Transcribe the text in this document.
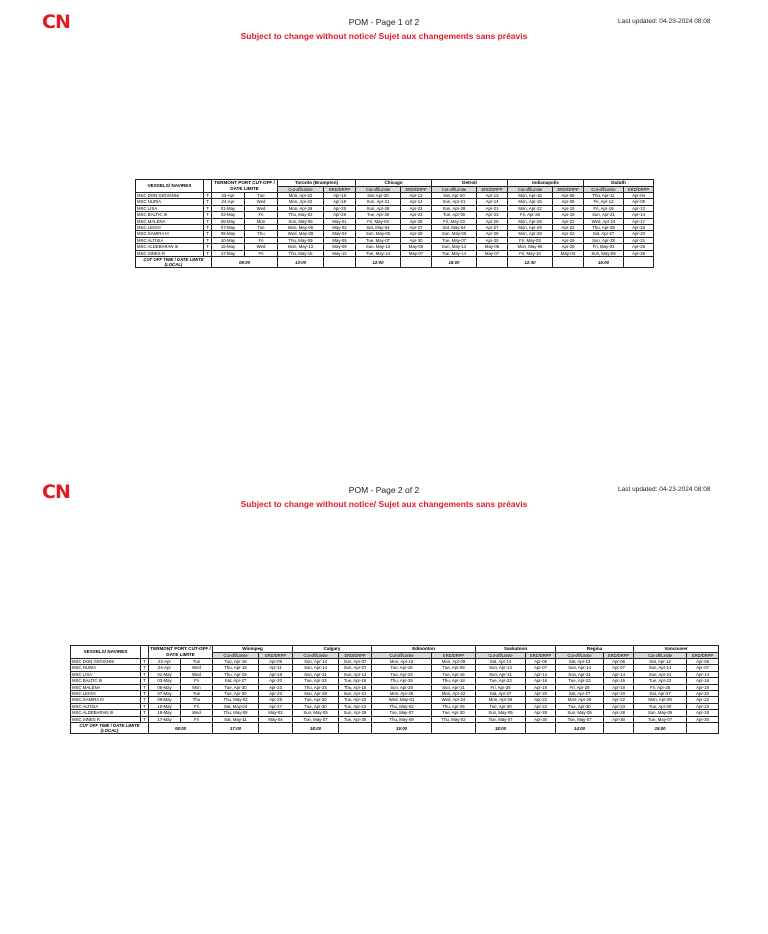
CN	POM - Page 1 of 2
Subject to change without notice/ Sujet aux changements sans préavis
Last updated: 04-23-2024 08:08
VESSELS/ NAVIRES		TERMONT PORT CUT-OFF / DATE LIMITE		Toronto (Brampton)		Chicago		Detroit		Indianapolis		Duluth	
				Cut-off/Limite	ERD/DRPP	Cut-off/Limite	ERD/DRPP	Cut-off/Limite	ERD/DRPP	Cut-off/Limite	ERD/DRPP	Cut-off/Limite	ERD/DRPP
MSC DON GIOVANNI	T	23-Apr	Tue	Mon, Apr-22	Apr-18	Sat, Apr-20	Apr-13	Sat, Apr-20	Apr-13	Mon, Apr-15	Apr-08	Thu, Apr-11	Apr-04
MSC NURIA	T	24-Apr	Wed	Mon, Apr-22	Apr-18	Sun, Apr-21	Apr-14	Sun, Apr-21	Apr-14	Mon, Apr-15	Apr-08	Fri, Apr-12	Apr-05
MSC LISA	T	01-May	Wed	Mon, Apr-29	Apr-25	Sun, Apr-28	Apr-21	Sun, Apr-28	Apr-21	Mon, Apr-22	Apr-15	Fri, Apr-19	Apr-12
MSC BALTIC III	T	03-May	Fri	Thu, May-02	Apr-28	Tue, Apr-30	Apr-23	Tue, Apr-30	Apr-23	Fri, Apr-26	Apr-19	Sun, Apr-21	Apr-14
MSC MALENA	T	06-May	Mon	Sun, May-05	May-01	Fri, May-03	Apr-26	Fri, May-03	Apr-26	Mon, Apr-29	Apr-22	Wed, Apr-24	Apr-17
MSC LEIGH	T	07-May	Tue	Mon, May-06	May-02	Sat, May-04	Apr-27	Sat, May-04	Apr-27	Mon, Apr-29	Apr-22	Thu, Apr-25	Apr-18
MSC SAMIRA III	T	09-May	Thu	Wed, May-08	May-04	Sun, May-05	Apr-28	Sun, May-05	Apr-28	Mon, Apr-29	Apr-22	Sat, Apr-27	Apr-20
MSC ALTISIA	T	10-May	Fri	Thu, May-09	May-05	Tue, May-07	Apr-30	Tue, May-07	Apr-30	Fri, May-03	Apr-26	Sun, Apr-28	Apr-21
MSC ALDEBARAN III	T	15-May	Wed	Mon, May-13	May-09	Sun, May-12	May-05	Sun, May-12	May-05	Mon, May-06	Apr-29	Fri, May-03	Apr-26
MSC SINES R	T	17-May	Fri	Thu, May-16	May-12	Tue, May-14	May-07	Tue, May-14	May-07	Fri, May-10	May-03	Sun, May-05	Apr-28
CUT OFF TIME / DATE LIMITE (LOCAL)		08:00		13:00		12:00		15:00		12:30		16:00	
CN	POM - Page 2 of 2
Subject to change without notice/ Sujet aux changements sans préavis
Last updated: 04-23-2024 08:08
VESSELS/ NAVIRES		TERMONT PORT CUT-OFF / DATE LIMITE		Winnipeg		Calgary		Edmonton		Saskatoon		Regina		Vancouver	
				Cut-off/Limite	ERD/DRPP	Cut-off/Limite	ERD/DRPP	Cut-off/Limite	ERD/DRPP	Cut-off/Limite	ERD/DRPP	Cut-off/Limite	ERD/DRPP	Cut-off/Limite	ERD/DRPP
MSC DON GIOVANNI	T	23-Apr	Tue	Tue, Apr-16	Apr-09	Sun, Apr-14	Sun, Apr-07	Mon, Apr-15	Mon, Apr-08	Sat, Apr-13	Apr-06	Sat, Apr-13	Apr-06	Sat, Apr-13	Apr-06
MSC NURIA	T	24-Apr	Wed	Thu, Apr-18	Apr-11	Sun, Apr-14	Sun, Apr-07	Tue, Apr-16	Tue, Apr-09	Sun, Apr-14	Apr-07	Sun, Apr-14	Apr-07	Sun, Apr-14	Apr-07
MSC LISA	T	01-May	Wed	Thu, Apr-25	Apr-18	Sun, Apr-21	Sun, Apr-14	Tue, Apr-23	Tue, Apr-16	Sun, Apr-21	Apr-14	Sun, Apr-21	Apr-14	Sun, Apr-21	Apr-14
MSC BALTIC III	T	03-May	Fri	Sat, Apr-27	Apr-20	Tue, Apr-23	Tue, Apr-16	Thu, Apr-25	Thu, Apr-18	Tue, Apr-23	Apr-16	Tue, Apr-23	Apr-16	Tue, Apr-23	Apr-16
MSC MALENA	T	06-May	Mon	Tue, Apr-30	Apr-23	Thu, Apr-25	Thu, Apr-18	Sun, Apr-28	Sun, Apr-21	Fri, Apr-26	Apr-19	Fri, Apr-26	Apr-19	Fri, Apr-26	Apr-19
MSC LEIGH	T	07-May	Tue	Tue, Apr-30	Apr-23	Sun, Apr-28	Sun, Apr-21	Mon, Apr-29	Mon, Apr-22	Sat, Apr-27	Apr-20	Sat, Apr-27	Apr-20	Sat, Apr-27	Apr-20
MSC SAMIRA III	T	09-May	Thu	Thu, May-02	Apr-25	Tue, Apr-30	Tue, Apr-23	Wed, May-01	Wed, Apr-24	Mon, Apr-29	Apr-22	Mon, Apr-29	Apr-22	Mon, Apr-29	Apr-22
MSC ALTISIA	T	10-May	Fri	Sat, May-04	Apr-27	Tue, Apr-30	Tue, Apr-23	Thu, May-02	Thu, Apr-25	Tue, Apr-30	Apr-23	Tue, Apr-30	Apr-23	Tue, Apr-30	Apr-23
MSC ALDEBARAN III	T	15-May	Wed	Thu, May-09	May-02	Sun, May-05	Sun, Apr-28	Tue, May-07	Tue, Apr-30	Sun, May-05	Apr-28	Sun, May-05	Apr-28	Sun, May-05	Apr-28
MSC SINES R	T	17-May	Fri	Sat, May-11	May-04	Tue, May-07	Tue, Apr-30	Thu, May-09	Thu, May-02	Tue, May-07	Apr-30	Tue, May-07	Apr-30	Tue, May-07	Apr-30
CUT OFF TIME / DATE LIMITE (LOCAL)		08:00		17:00		18:00		19:00		18:00		14:00		19:00	
